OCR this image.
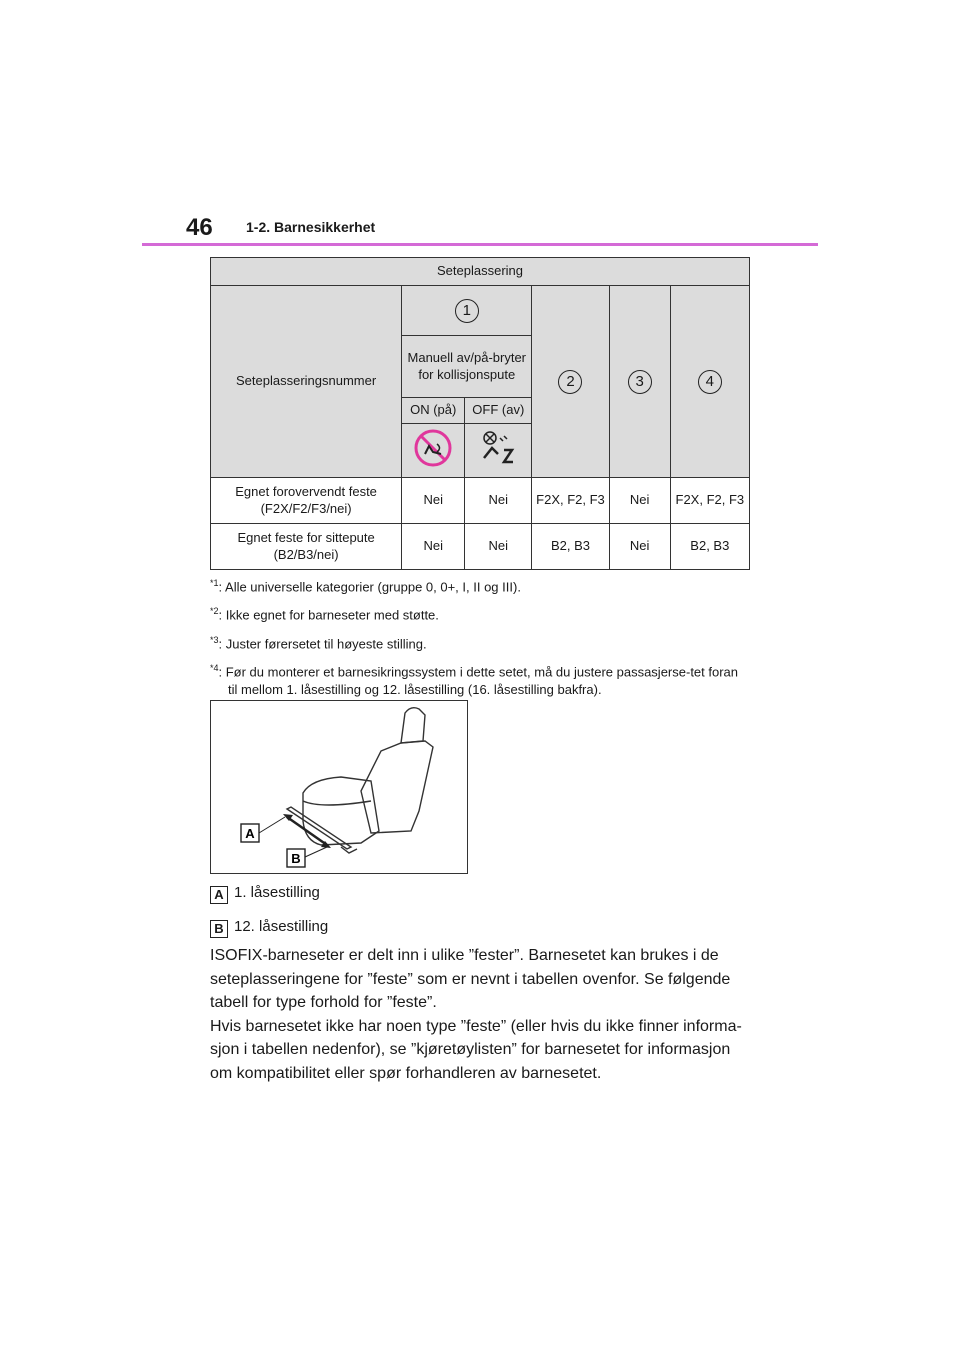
46 1-2. Barnesikkerhet
Seteplassering					
Seteplasseringsnummer	1		2	3	4
	Manuell av/på-bryter for kollisjonspute				
	ON (på)	OFF (av)			

Egnet forovervendt feste (F2X/F2/F3/nei)	Nei	Nei	F2X, F2, F3	Nei	F2X, F2, F3
Egnet feste for sittepute (B2/B3/nei)	Nei	Nei	B2, B3	Nei	B2, B3

$^{*1}$: Alle universelle kategorier (gruppe 0, 0+, I, II og III).

$^{*2}$: Ikke egnet for barneseter med støtte.

$^{*3}$: Juster førersetet til høyeste stilling.

$^{*4}$: Før du monterer et barnesikringssystem i dette setet, må du justere passasjerse-tet foran til mellom 1. låsestilling og 12. låsestilling (16. låsestilling bakfra).

A
B
A 1. låsestilling
B 12. låsestilling

ISOFIX-barneseter er delt inn i ulike ”fester”. Barnesetet kan brukes i de seteplasseringene for ”feste” som er nevnt i tabellen ovenfor. Se følgende tabell for type forhold for ”feste”.

Hvis barnesetet ikke har noen type ”feste” (eller hvis du ikke finner informa-sjon i tabellen nedenfor), se ”kjøretøylisten” for barnesetet for informasjon om kompatibilitet eller spør forhandleren av barnesetet.
